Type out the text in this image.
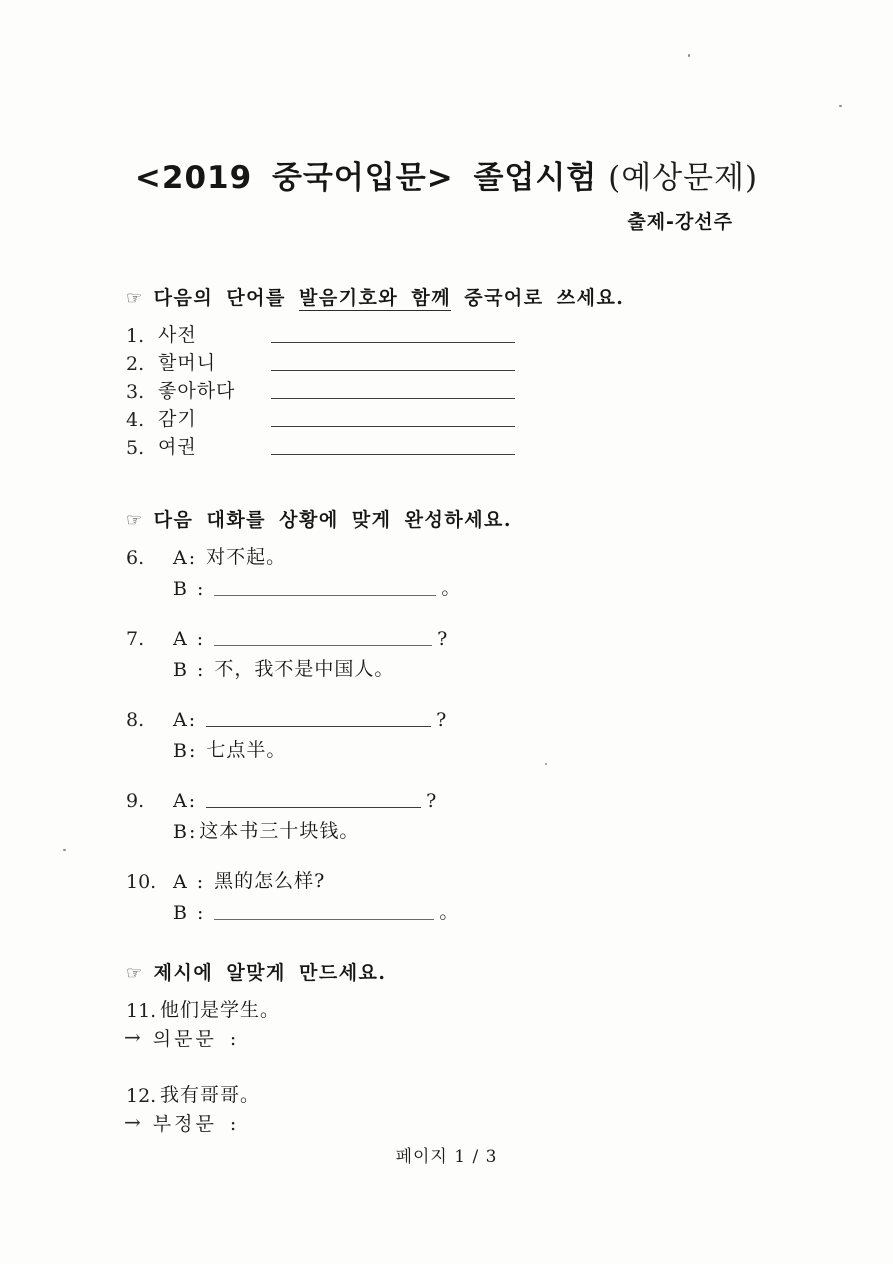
<2019 중국어입문> 졸업시험 (예상문제)
출제-강선주
☞ 다음의 단어를 발음기호와 함께 중국어로 쓰세요.
1. 사전
2. 할머니
3. 좋아하다
4. 감기
5. 여권
☞ 다음 대화를 상황에 맞게 완성하세요.
6.	A: 对不起。
B :	。
7.	A :	?
B : 不，我不是中国人。
8.	A:	?
B: 七点半。
9.	A:	?
B: 这本书三十块钱。
10. A : 黑的怎么样?
B :	。
☞ 제시에 알맞게 만드세요.
11. 他们是学生。
→ 의문문 :
12. 我有哥哥。
→ 부정문 :
페이지 1 / 3
